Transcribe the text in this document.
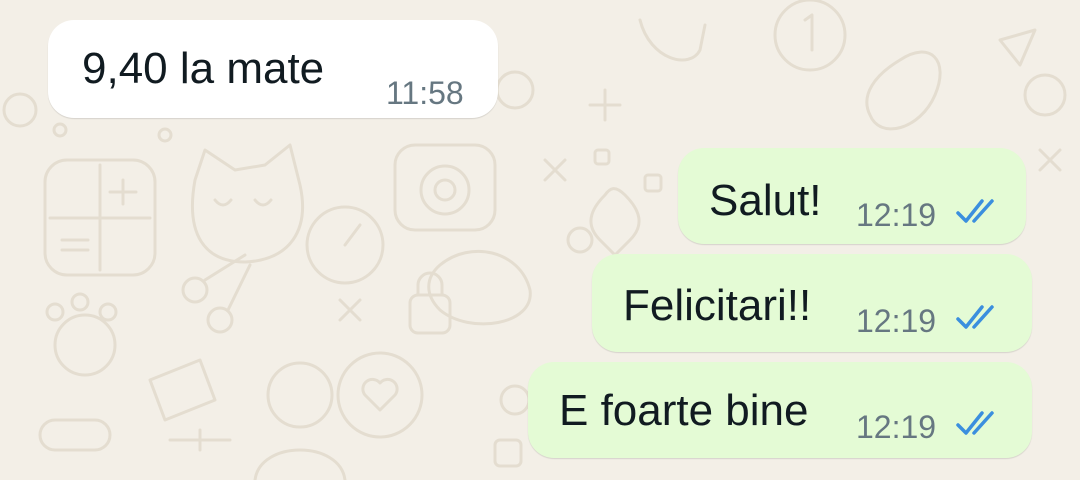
9,40 la mate 11:58
Salut! 12:19
Felicitari!! 12:19
E foarte bine 12:19
